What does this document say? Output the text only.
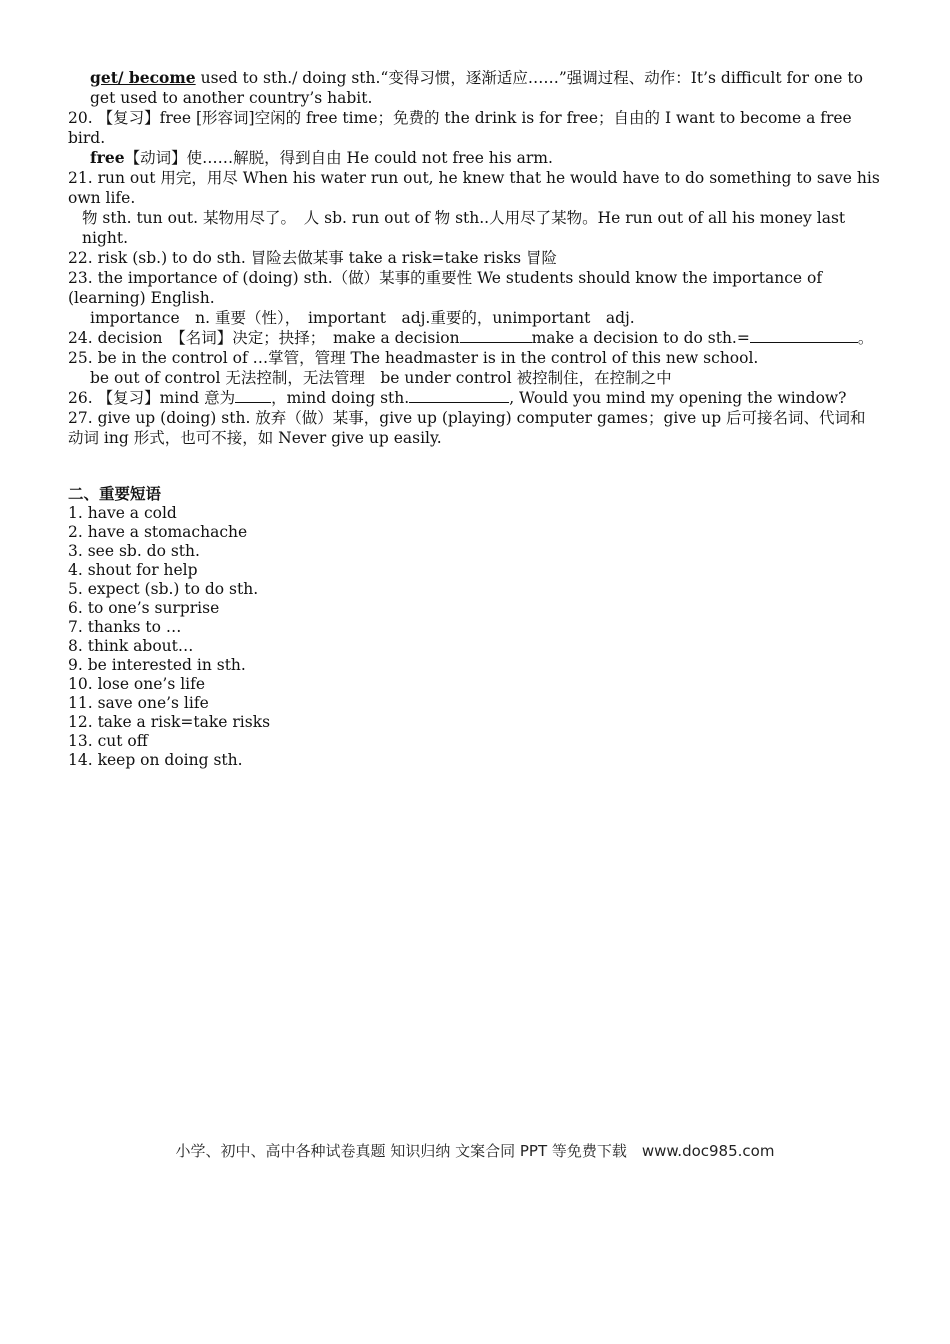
get/ become used to sth./ doing sth.“变得习惯，逐渐适应……”强调过程、动作：It’s difficult for one to get used to another country’s habit.
20. 【复习】free [形容词]空闲的 free time；免费的 the drink is for free；自由的 I want to become a free bird.
free【动词】使……解脱，得到自由 He could not free his arm.
21. run out 用完，用尽 When his water run out, he knew that he would have to do something to save his own life.
物 sth. tun out. 某物用尽了。　人 sb. run out of 物 sth..人用尽了某物。He run out of all his money last night.
22. risk (sb.) to do sth. 冒险去做某事 take a risk=take risks 冒险
23. the importance of (doing) sth.（做）某事的重要性 We students should know the importance of (learning) English.
importance　n. 重要（性），　important　adj.重要的，unimportant　adj.
24. decision　【名词】决定；抉择；　make a decision	make a decision to do sth.=	。
25. be in the control of …掌管，管理 The headmaster is in the control of this new school.
be out of control 无法控制，无法管理　be under control 被控制住，在控制之中
26. 【复习】mind 意为 ，mind doing sth.	, Would you mind my opening the window?
27. give up (doing) sth. 放弃（做）某事，give up (playing) computer games；give up 后可接名词、代词和动词 ing 形式，也可不接，如 Never give up easily.
二、重要短语
1. have a cold
2. have a stomachache
3. see sb. do sth.
4. shout for help
5. expect (sb.) to do sth.
6. to one’s surprise
7. thanks to …
8. think about…
9. be interested in sth.
10. lose one’s life
11. save one’s life
12. take a risk=take risks
13. cut off
14. keep on doing sth.
小学、初中、高中各种试卷真题 知识归纳 文案合同 PPT 等免费下载　www.doc985.com
